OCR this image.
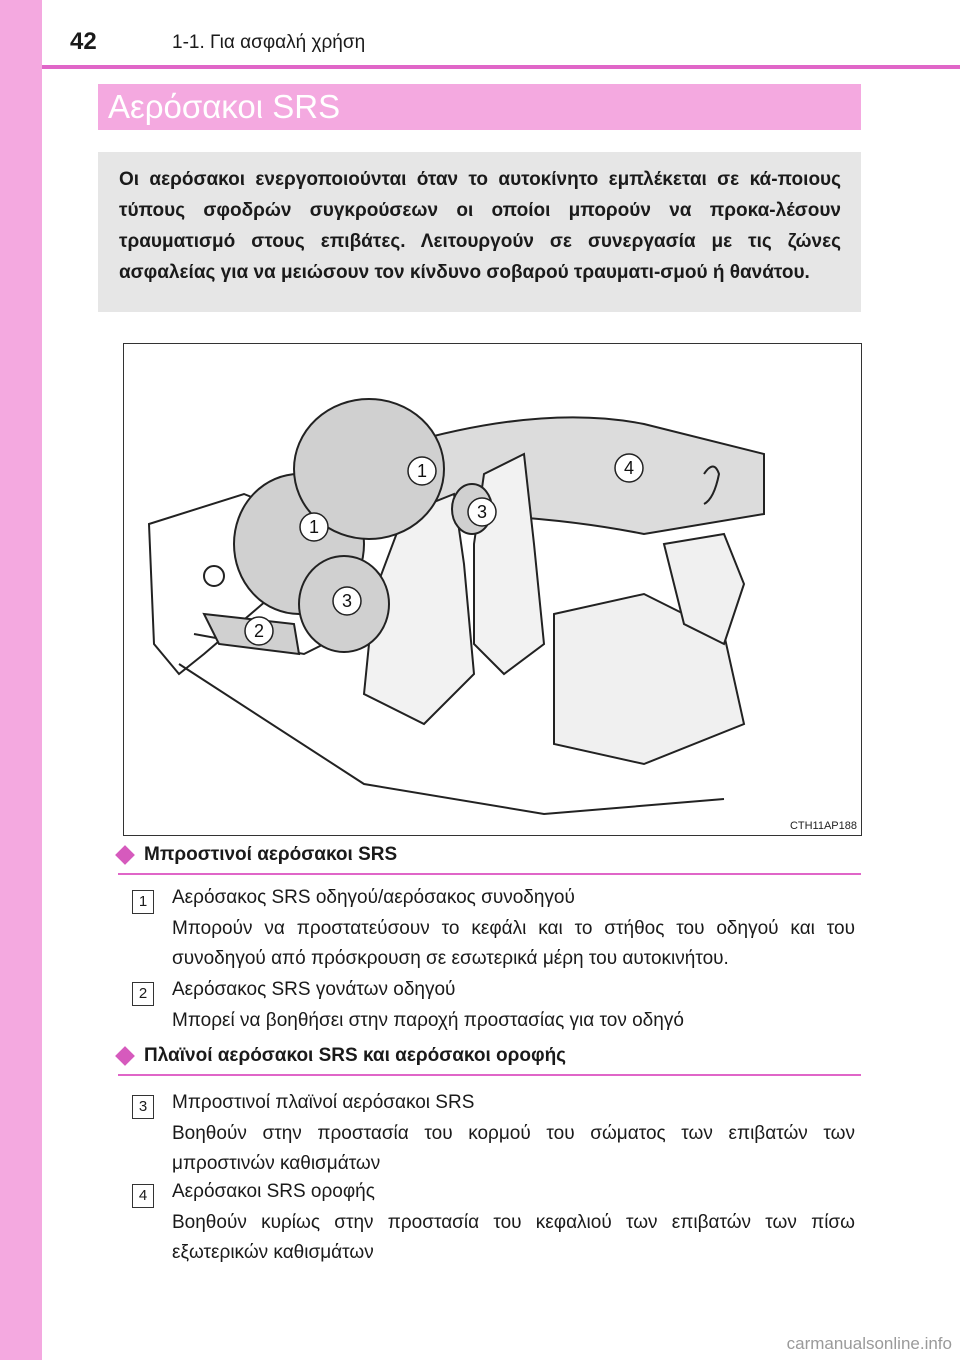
42	1-1. Για ασφαλή χρήση
Αερόσακοι SRS

Οι αερόσακοι ενεργοποιούνται όταν το αυτοκίνητο εμπλέκεται σε κά-ποιους τύπους σφοδρών συγκρούσεων οι οποίοι μπορούν να προκα-λέσουν τραυματισμό στους επιβάτες. Λειτουργούν σε συνεργασία με τις ζώνες ασφαλείας για να μειώσουν τον κίνδυνο σοβαρού τραυματι-σμού ή θανάτου.

1
1
2
3
3
4
CTH11AP188
Μπροστινοί αερόσακοι SRS
1	Αερόσακος SRS οδηγού/αερόσακος συνοδηγού

Μπορούν να προστατεύσουν το κεφάλι και το στήθος του οδηγού και του συνοδηγού από πρόσκρουση σε εσωτερικά μέρη του αυτοκινήτου.

2	Αερόσακος SRS γονάτων οδηγού

Μπορεί να βοηθήσει στην παροχή προστασίας για τον οδηγό

Πλαϊνοί αερόσακοι SRS και αερόσακοι οροφής
3	Μπροστινοί πλαϊνοί αερόσακοι SRS

Βοηθούν στην προστασία του κορμού του σώματος των επιβατών των μπροστινών καθισμάτων

4	Αερόσακοι SRS οροφής

Βοηθούν κυρίως στην προστασία του κεφαλιού των επιβατών των πίσω εξωτερικών καθισμάτων

carmanualsonline.info
